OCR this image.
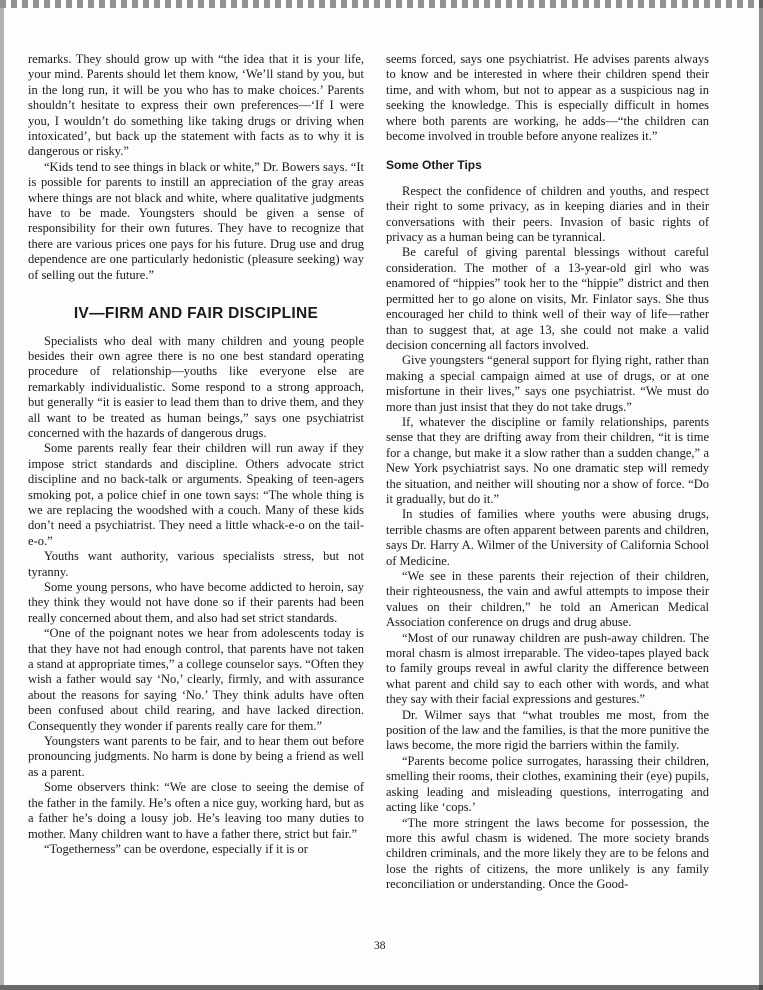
remarks. They should grow up with “the idea that it is your life, your mind. Parents should let them know, ‘We’ll stand by you, but in the long run, it will be you who has to make choices.’ Parents shouldn’t hesitate to express their own preferences—‘If I were you, I wouldn’t do something like taking drugs or driving when intoxicated’, but back up the statement with facts as to why it is dangerous or risky.”

“Kids tend to see things in black or white,” Dr. Bowers says. “It is possible for parents to instill an appreciation of the gray areas where things are not black and white, where qualitative judgments have to be made. Youngsters should be given a sense of responsibility for their own futures. They have to recognize that there are various prices one pays for his future. Drug use and drug dependence are one particularly hedonistic (pleasure seeking) way of selling out the future.”

IV—FIRM AND FAIR DISCIPLINE

Specialists who deal with many children and young people besides their own agree there is no one best standard operating procedure of relationship—youths like everyone else are remarkably individualistic. Some respond to a strong approach, but generally “it is easier to lead them than to drive them, and they all want to be treated as human beings,” says one psychiatrist concerned with the hazards of dangerous drugs.

Some parents really fear their children will run away if they impose strict standards and discipline. Others advocate strict discipline and no back-talk or arguments. Speaking of teen-agers smoking pot, a police chief in one town says: “The whole thing is we are replacing the woodshed with a couch. Many of these kids don’t need a psychiatrist. They need a little whack-e-o on the tail-e-o.”

Youths want authority, various specialists stress, but not tyranny.

Some young persons, who have become addicted to heroin, say they think they would not have done so if their parents had been really concerned about them, and also had set strict standards.

“One of the poignant notes we hear from adolescents today is that they have not had enough control, that parents have not taken a stand at appropriate times,” a college counselor says. “Often they wish a father would say ‘No,’ clearly, firmly, and with assurance about the reasons for saying ‘No.’ They think adults have often been confused about child rearing, and have lacked direction. Consequently they wonder if parents really care for them.”

Youngsters want parents to be fair, and to hear them out before pronouncing judgments. No harm is done by being a friend as well as a parent.

Some observers think: “We are close to seeing the demise of the father in the family. He’s often a nice guy, working hard, but as a father he’s doing a lousy job. He’s leaving too many duties to mother. Many children want to have a father there, strict but fair.”

“Togetherness” can be overdone, especially if it is or

seems forced, says one psychiatrist. He advises parents always to know and be interested in where their children spend their time, and with whom, but not to appear as a suspicious nag in seeking the knowledge. This is especially difficult in homes where both parents are working, he adds—“the children can become involved in trouble before anyone realizes it.”

Some Other Tips

Respect the confidence of children and youths, and respect their right to some privacy, as in keeping diaries and in their conversations with their peers. Invasion of basic rights of privacy as a human being can be tyrannical.

Be careful of giving parental blessings without careful consideration. The mother of a 13-year-old girl who was enamored of “hippies” took her to the “hippie” district and then permitted her to go alone on visits, Mr. Finlator says. She thus encouraged her child to think well of their way of life—rather than to suggest that, at age 13, she could not make a valid decision concerning all factors involved.

Give youngsters “general support for flying right, rather than making a special campaign aimed at use of drugs, or at one misfortune in their lives,” says one psychiatrist. “We must do more than just insist that they do not take drugs.”

If, whatever the discipline or family relationships, parents sense that they are drifting away from their children, “it is time for a change, but make it a slow rather than a sudden change,” a New York psychiatrist says. No one dramatic step will remedy the situation, and neither will shouting nor a show of force. “Do it gradually, but do it.”

In studies of families where youths were abusing drugs, terrible chasms are often apparent between parents and children, says Dr. Harry A. Wilmer of the University of California School of Medicine.

“We see in these parents their rejection of their children, their righteousness, the vain and awful attempts to impose their values on their children,” he told an American Medical Association conference on drugs and drug abuse.

“Most of our runaway children are push-away children. The moral chasm is almost irreparable. The video-tapes played back to family groups reveal in awful clarity the difference between what parent and child say to each other with words, and what they say with their facial expressions and gestures.”

Dr. Wilmer says that “what troubles me most, from the position of the law and the families, is that the more punitive the laws become, the more rigid the barriers within the family.

“Parents become police surrogates, harassing their children, smelling their rooms, their clothes, examining their (eye) pupils, asking leading and misleading questions, interrogating and acting like ‘cops.’

“The more stringent the laws become for possession, the more this awful chasm is widened. The more society brands children criminals, and the more likely they are to be felons and lose the rights of citizens, the more unlikely is any family reconciliation or understanding. Once the Good-

38
